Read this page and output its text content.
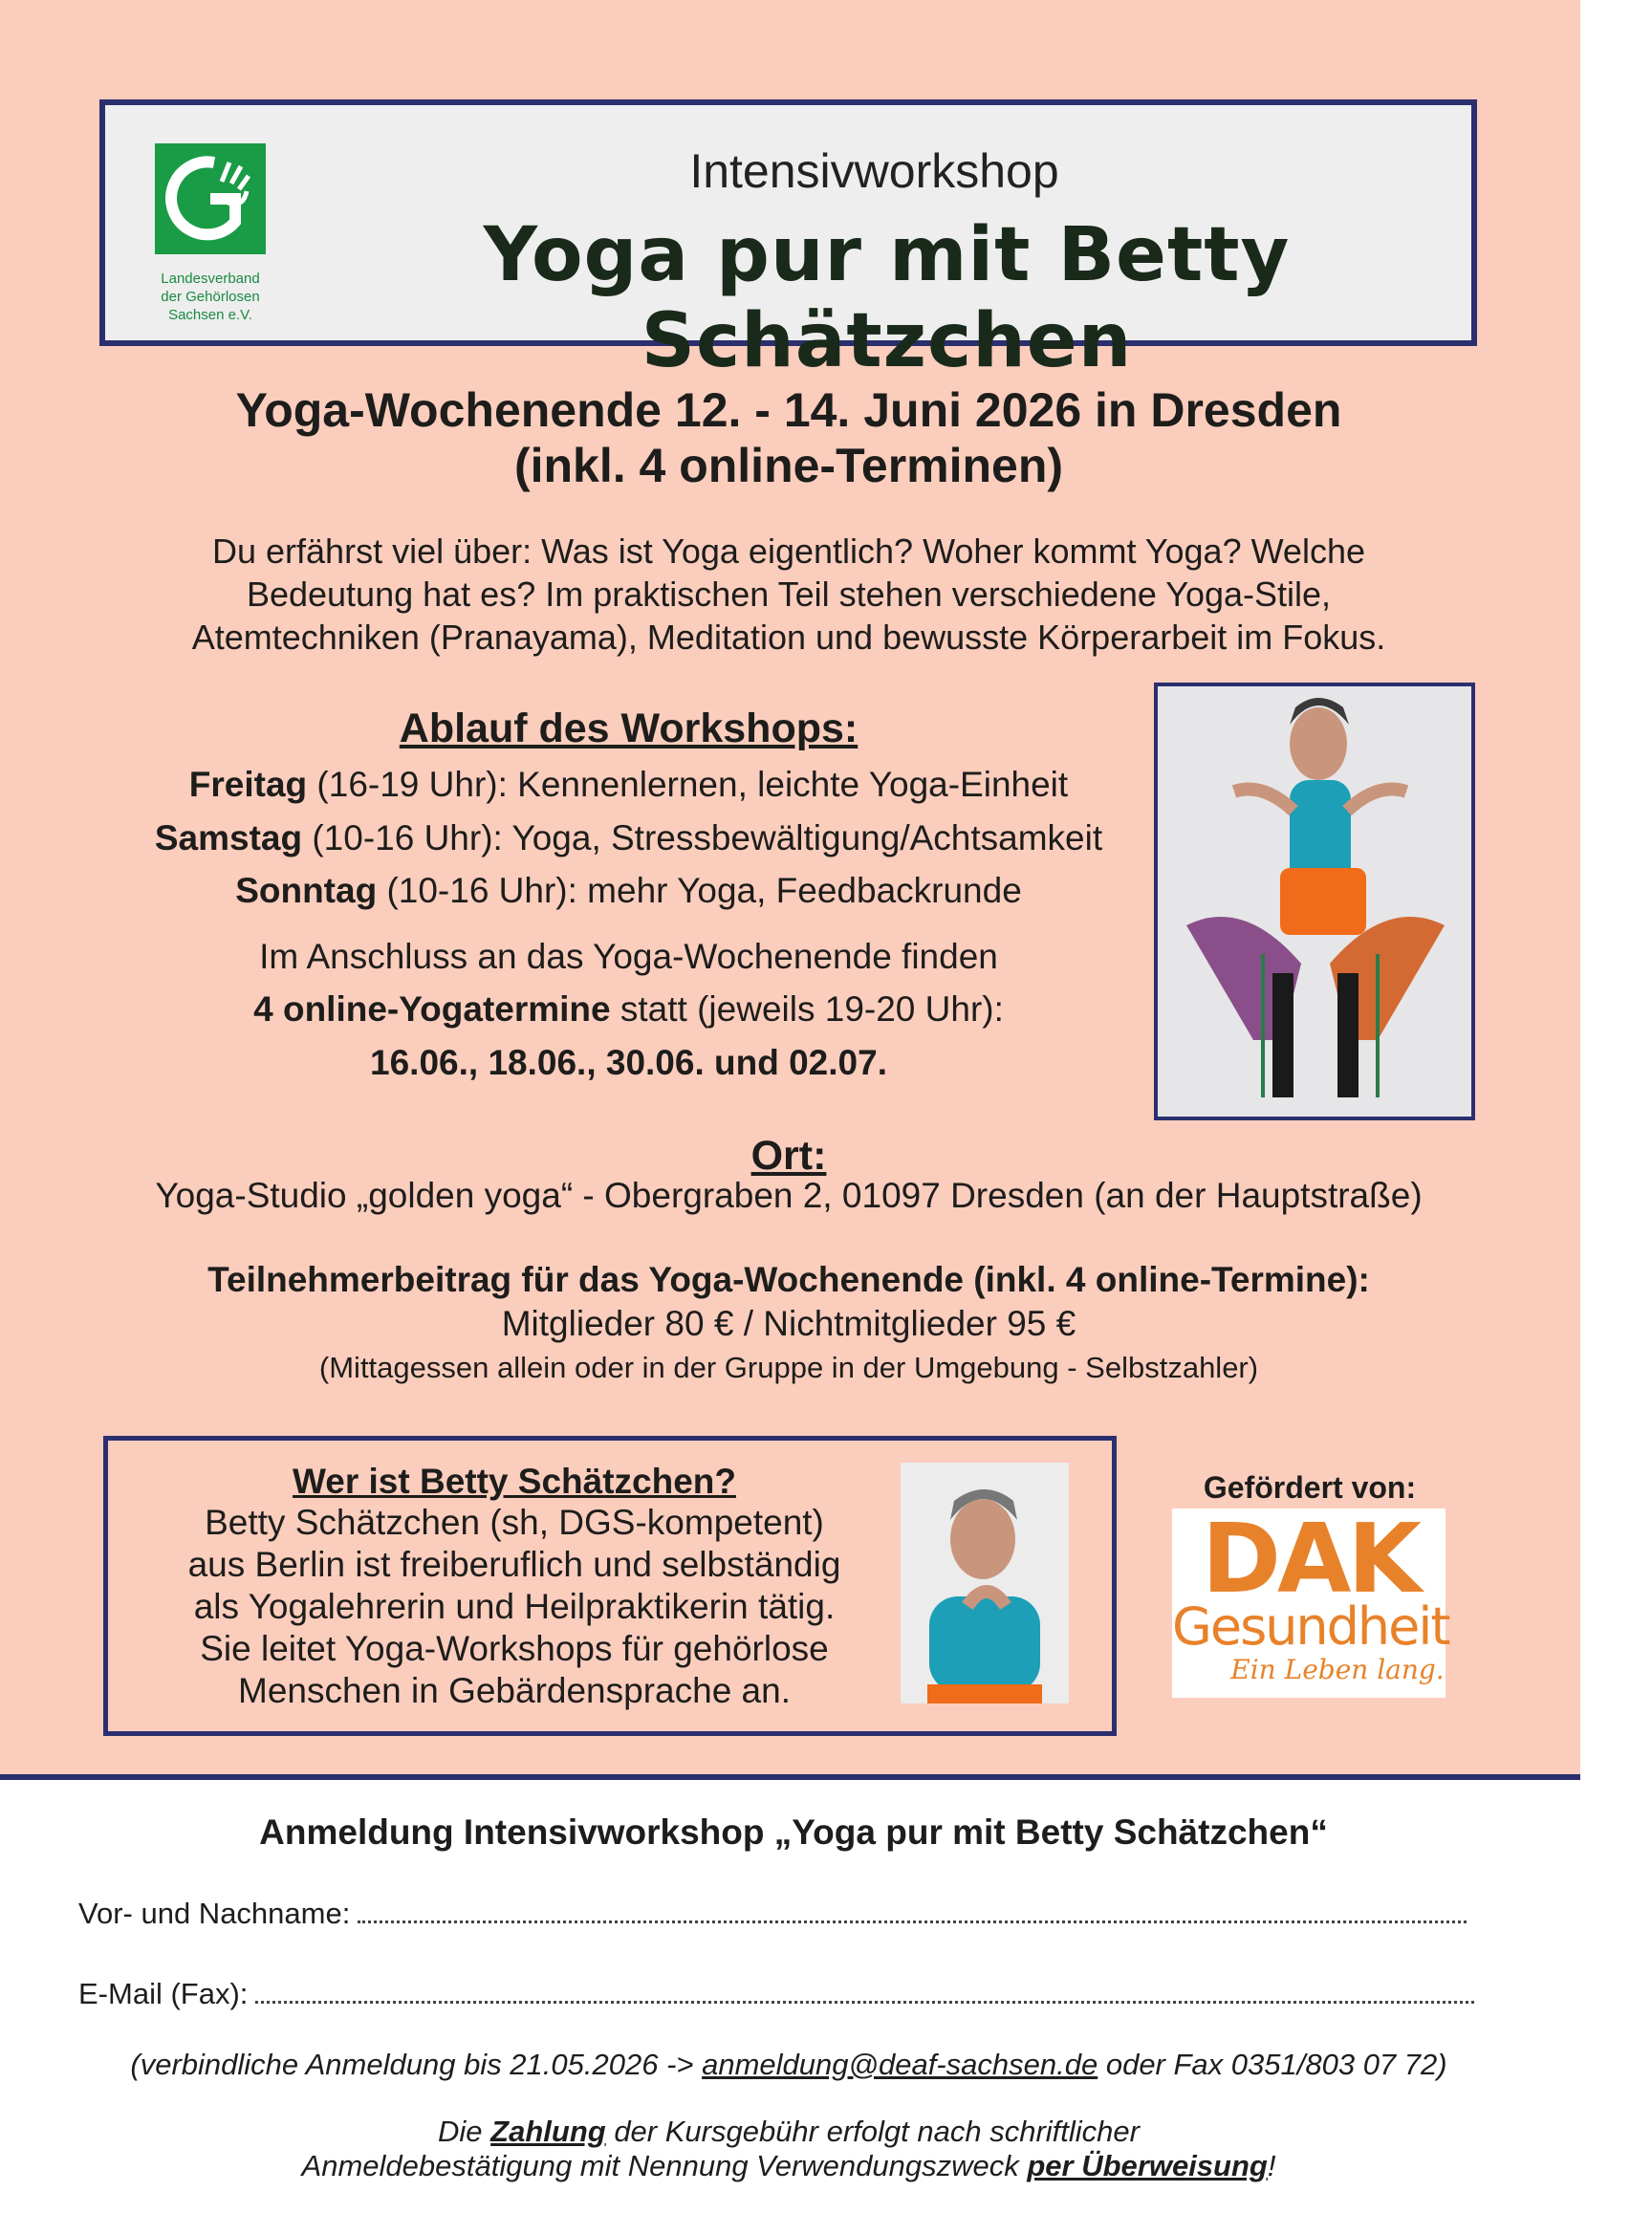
Landesverband
der Gehörlosen
Sachsen e.V.
Intensivworkshop
Yoga pur mit Betty Schätzchen
Yoga-Wochenende 12. - 14. Juni 2026 in Dresden
(inkl. 4 online-Terminen)
Du erfährst viel über: Was ist Yoga eigentlich? Woher kommt Yoga? Welche
Bedeutung hat es? Im praktischen Teil stehen verschiedene Yoga-Stile,
Atemtechniken (Pranayama), Meditation und bewusste Körperarbeit im Fokus.
Ablauf des Workshops:
Freitag (16-19 Uhr): Kennenlernen, leichte Yoga-Einheit
Samstag (10-16 Uhr): Yoga, Stressbewältigung/Achtsamkeit
Sonntag (10-16 Uhr): mehr Yoga, Feedbackrunde
Im Anschluss an das Yoga-Wochenende finden
4 online-Yogatermine statt (jeweils 19-20 Uhr):
16.06., 18.06., 30.06. und 02.07.
Ort:
Yoga-Studio „golden yoga“ - Obergraben 2, 01097 Dresden (an der Hauptstraße)
Teilnehmerbeitrag für das Yoga-Wochenende (inkl. 4 online-Termine):
Mitglieder 80 € / Nichtmitglieder 95 €
(Mittagessen allein oder in der Gruppe in der Umgebung - Selbstzahler)
Wer ist Betty Schätzchen?
Betty Schätzchen (sh, DGS-kompetent)
aus Berlin ist freiberuflich und selbständig
als Yogalehrerin und Heilpraktikerin tätig.
Sie leitet Yoga-Workshops für gehörlose
Menschen in Gebärdensprache an.
Gefördert von:
DAK
Gesundheit
Ein Leben lang.
Anmeldung Intensivworkshop „Yoga pur mit Betty Schätzchen“
Vor- und Nachname:
E-Mail (Fax):
(verbindliche Anmeldung bis 21.05.2026 -> anmeldung@deaf-sachsen.de oder Fax 0351/803 07 72)
Die Zahlung der Kursgebühr erfolgt nach schriftlicher
Anmeldebestätigung mit Nennung Verwendungszweck per Überweisung!
